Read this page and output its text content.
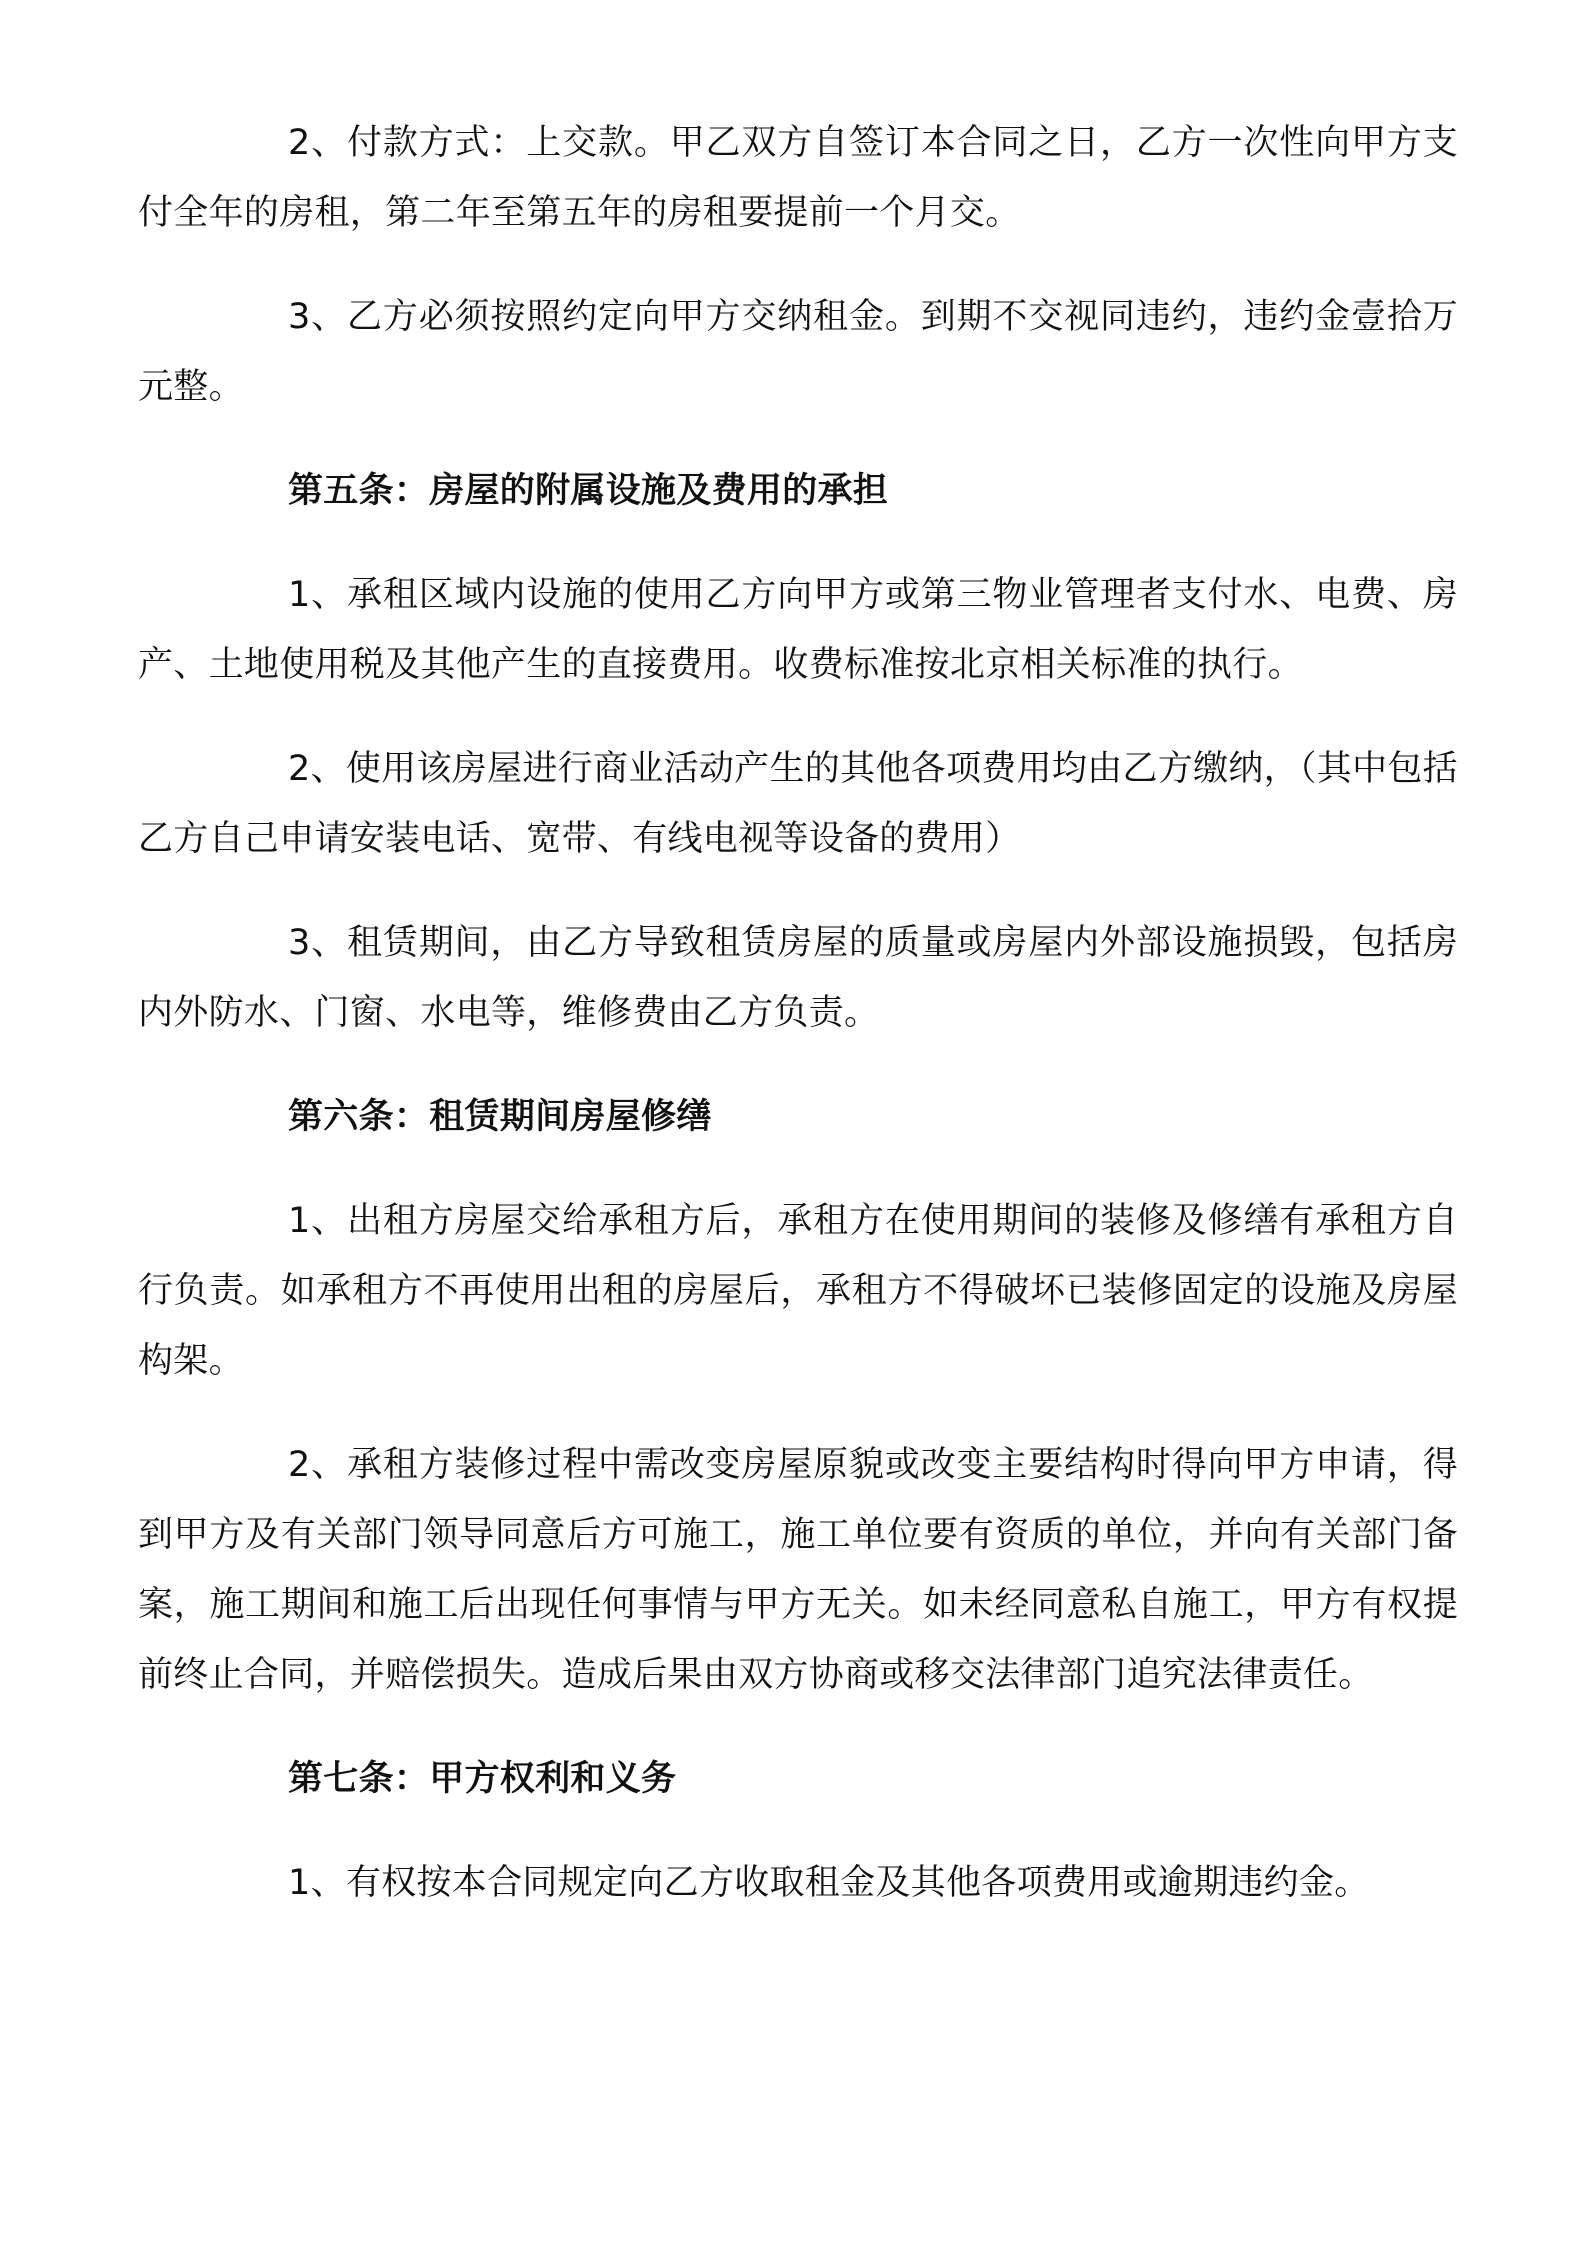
2、付款方式：上交款。甲乙双方自签订本合同之日，乙方一次性向甲方支付全年的房租，第二年至第五年的房租要提前一个月交。

3、乙方必须按照约定向甲方交纳租金。到期不交视同违约，违约金壹拾万元整。

第五条：房屋的附属设施及费用的承担

1、承租区域内设施的使用乙方向甲方或第三物业管理者支付水、电费、房产、土地使用税及其他产生的直接费用。收费标准按北京相关标准的执行。

2、使用该房屋进行商业活动产生的其他各项费用均由乙方缴纳，（其中包括乙方自己申请安装电话、宽带、有线电视等设备的费用）

3、租赁期间，由乙方导致租赁房屋的质量或房屋内外部设施损毁，包括房内外防水、门窗、水电等，维修费由乙方负责。

第六条：租赁期间房屋修缮

1、出租方房屋交给承租方后，承租方在使用期间的装修及修缮有承租方自行负责。如承租方不再使用出租的房屋后，承租方不得破坏已装修固定的设施及房屋构架。

2、承租方装修过程中需改变房屋原貌或改变主要结构时得向甲方申请，得到甲方及有关部门领导同意后方可施工，施工单位要有资质的单位，并向有关部门备案，施工期间和施工后出现任何事情与甲方无关。如未经同意私自施工，甲方有权提前终止合同，并赔偿损失。造成后果由双方协商或移交法律部门追究法律责任。

第七条：甲方权利和义务

1、有权按本合同规定向乙方收取租金及其他各项费用或逾期违约金。
